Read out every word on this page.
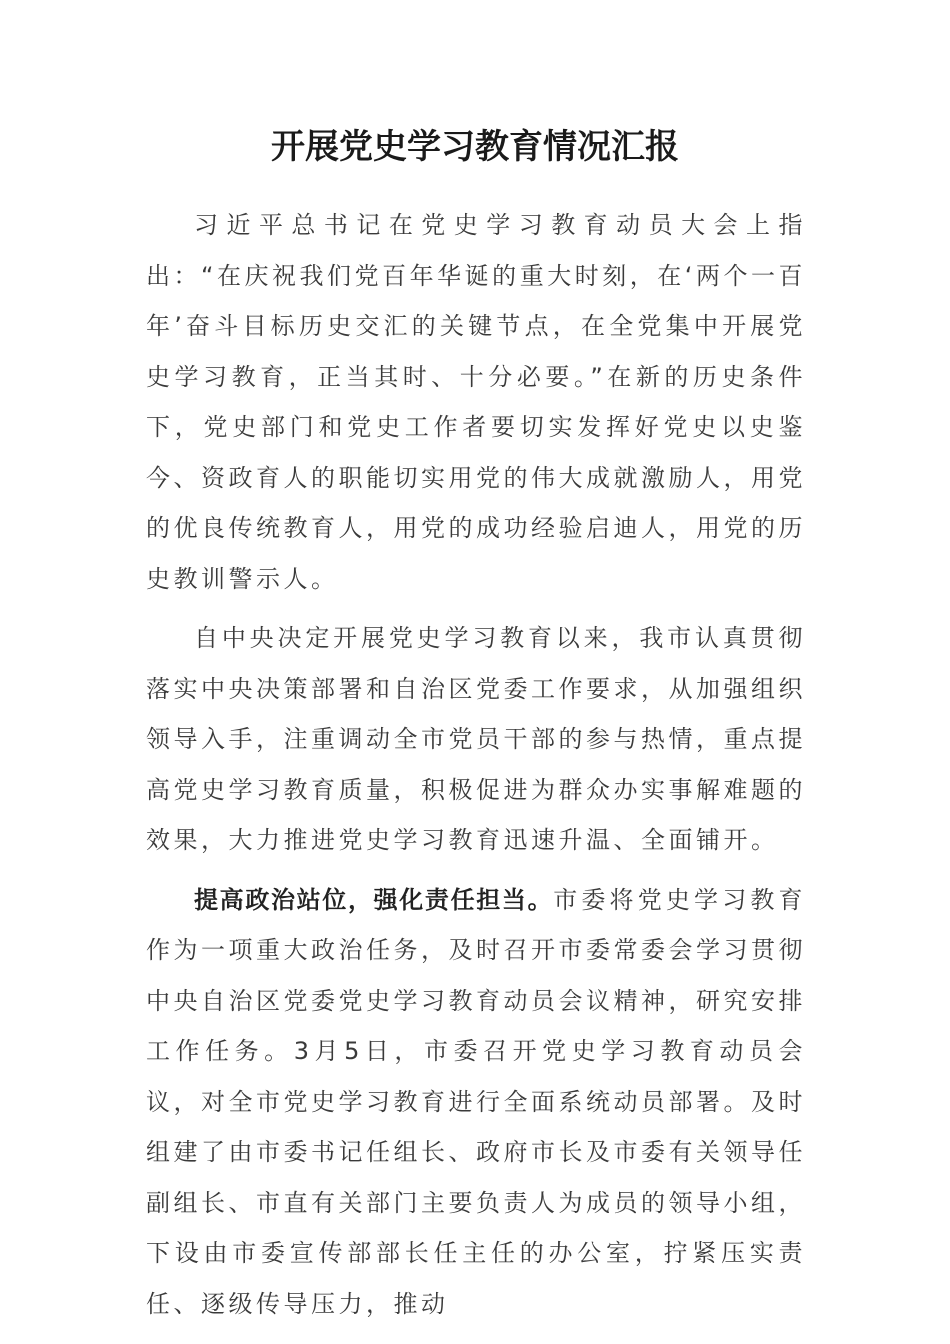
开展党史学习教育情况汇报

习近平总书记在党史学习教育动员大会上指出：“在庆祝我们党百年华诞的重大时刻，在‘两个一百年’奋斗目标历史交汇的关键节点，在全党集中开展党史学习教育，正当其时、十分必要。”在新的历史条件下，党史部门和党史工作者要切实发挥好党史以史鉴今、资政育人的职能切实用党的伟大成就激励人，用党的优良传统教育人，用党的成功经验启迪人，用党的历史教训警示人。

自中央决定开展党史学习教育以来，我市认真贯彻落实中央决策部署和自治区党委工作要求，从加强组织领导入手，注重调动全市党员干部的参与热情，重点提高党史学习教育质量，积极促进为群众办实事解难题的效果，大力推进党史学习教育迅速升温、全面铺开。

提高政治站位，强化责任担当。市委将党史学习教育作为一项重大政治任务，及时召开市委常委会学习贯彻中央自治区党委党史学习教育动员会议精神，研究安排工作任务。3月5日，市委召开党史学习教育动员会议，对全市党史学习教育进行全面系统动员部署。及时组建了由市委书记任组长、政府市长及市委有关领导任副组长、市直有关部门主要负责人为成员的领导小组，下设由市委宣传部部长任主任的办公室，拧紧压实责任、逐级传导压力，推动
